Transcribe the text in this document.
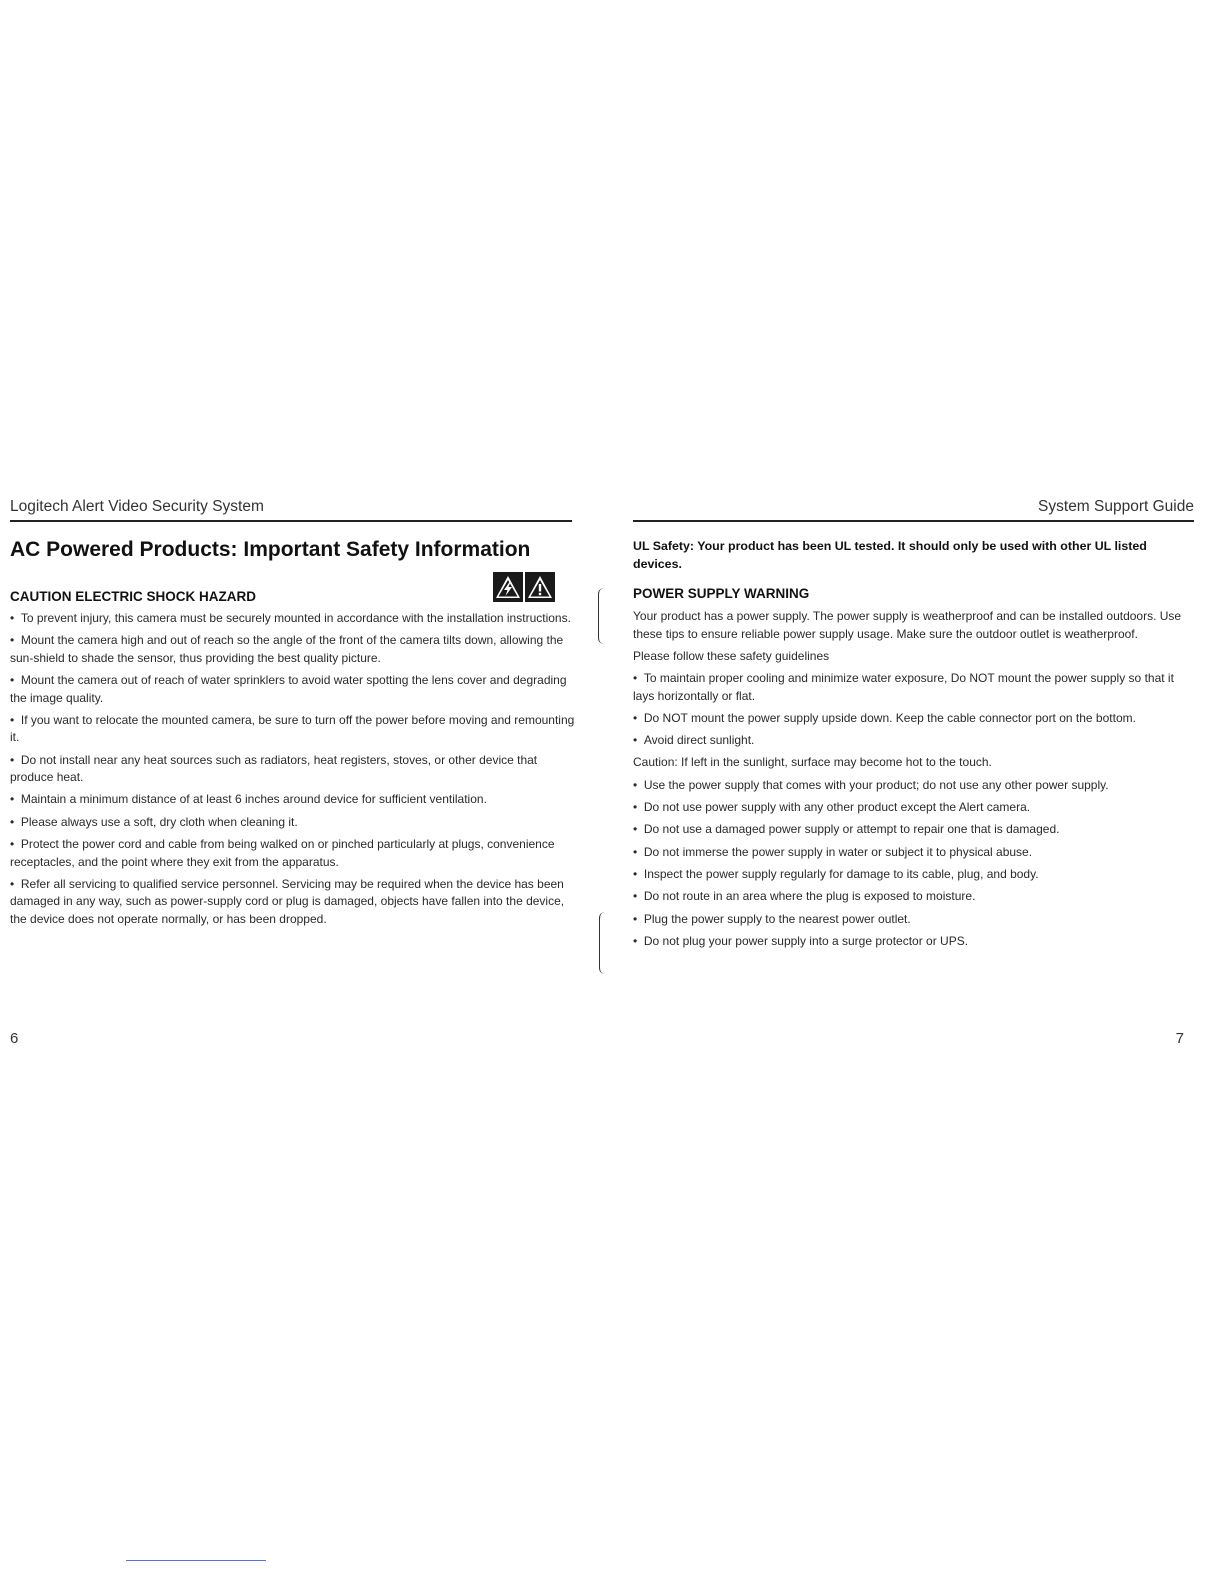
Logitech Alert Video Security System
AC Powered Products: Important Safety Information
CAUTION ELECTRIC SHOCK HAZARD
•  To prevent injury, this camera must be securely mounted in accordance with the installation instructions.
•  Mount the camera high and out of reach so the angle of the front of the camera tilts down, allowing the sun-shield to shade the sensor, thus providing the best quality picture.
•  Mount the camera out of reach of water sprinklers to avoid water spotting the lens cover and degrading the image quality.
•  If you want to relocate the mounted camera, be sure to turn off the power before moving and remounting it.
•  Do not install near any heat sources such as radiators, heat registers, stoves, or other device that produce heat.
•  Maintain a minimum distance of at least 6 inches around device for sufficient ventilation.
•  Please always use a soft, dry cloth when cleaning it.
•  Protect the power cord and cable from being walked on or pinched particularly at plugs, convenience receptacles, and the point where they exit from the apparatus.
•  Refer all servicing to qualified service personnel. Servicing may be required when the device has been damaged in any way, such as power-supply cord or plug is damaged, objects have fallen into the device, the device does not operate normally, or has been dropped.
6
System Support Guide

UL Safety: Your product has been UL tested. It should only be used with other UL listed devices.

POWER SUPPLY WARNING
Your product has a power supply. The power supply is weatherproof and can be installed outdoors. Use these tips to ensure reliable power supply usage. Make sure the outdoor outlet is weatherproof.
Please follow these safety guidelines
•  To maintain proper cooling and minimize water exposure, Do NOT mount the power supply so that it lays horizontally or flat.
•  Do NOT mount the power supply upside down. Keep the cable connector port on the bottom.
•  Avoid direct sunlight.
Caution: If left in the sunlight, surface may become hot to the touch.
•  Use the power supply that comes with your product; do not use any other power supply.
•  Do not use power supply with any other product except the Alert camera.
•  Do not use a damaged power supply or attempt to repair one that is damaged.
•  Do not immerse the power supply in water or subject it to physical abuse.
•  Inspect the power supply regularly for damage to its cable, plug, and body.
•  Do not route in an area where the plug is exposed to moisture.
•  Plug the power supply to the nearest power outlet.
•  Do not plug your power supply into a surge protector or UPS.
7
